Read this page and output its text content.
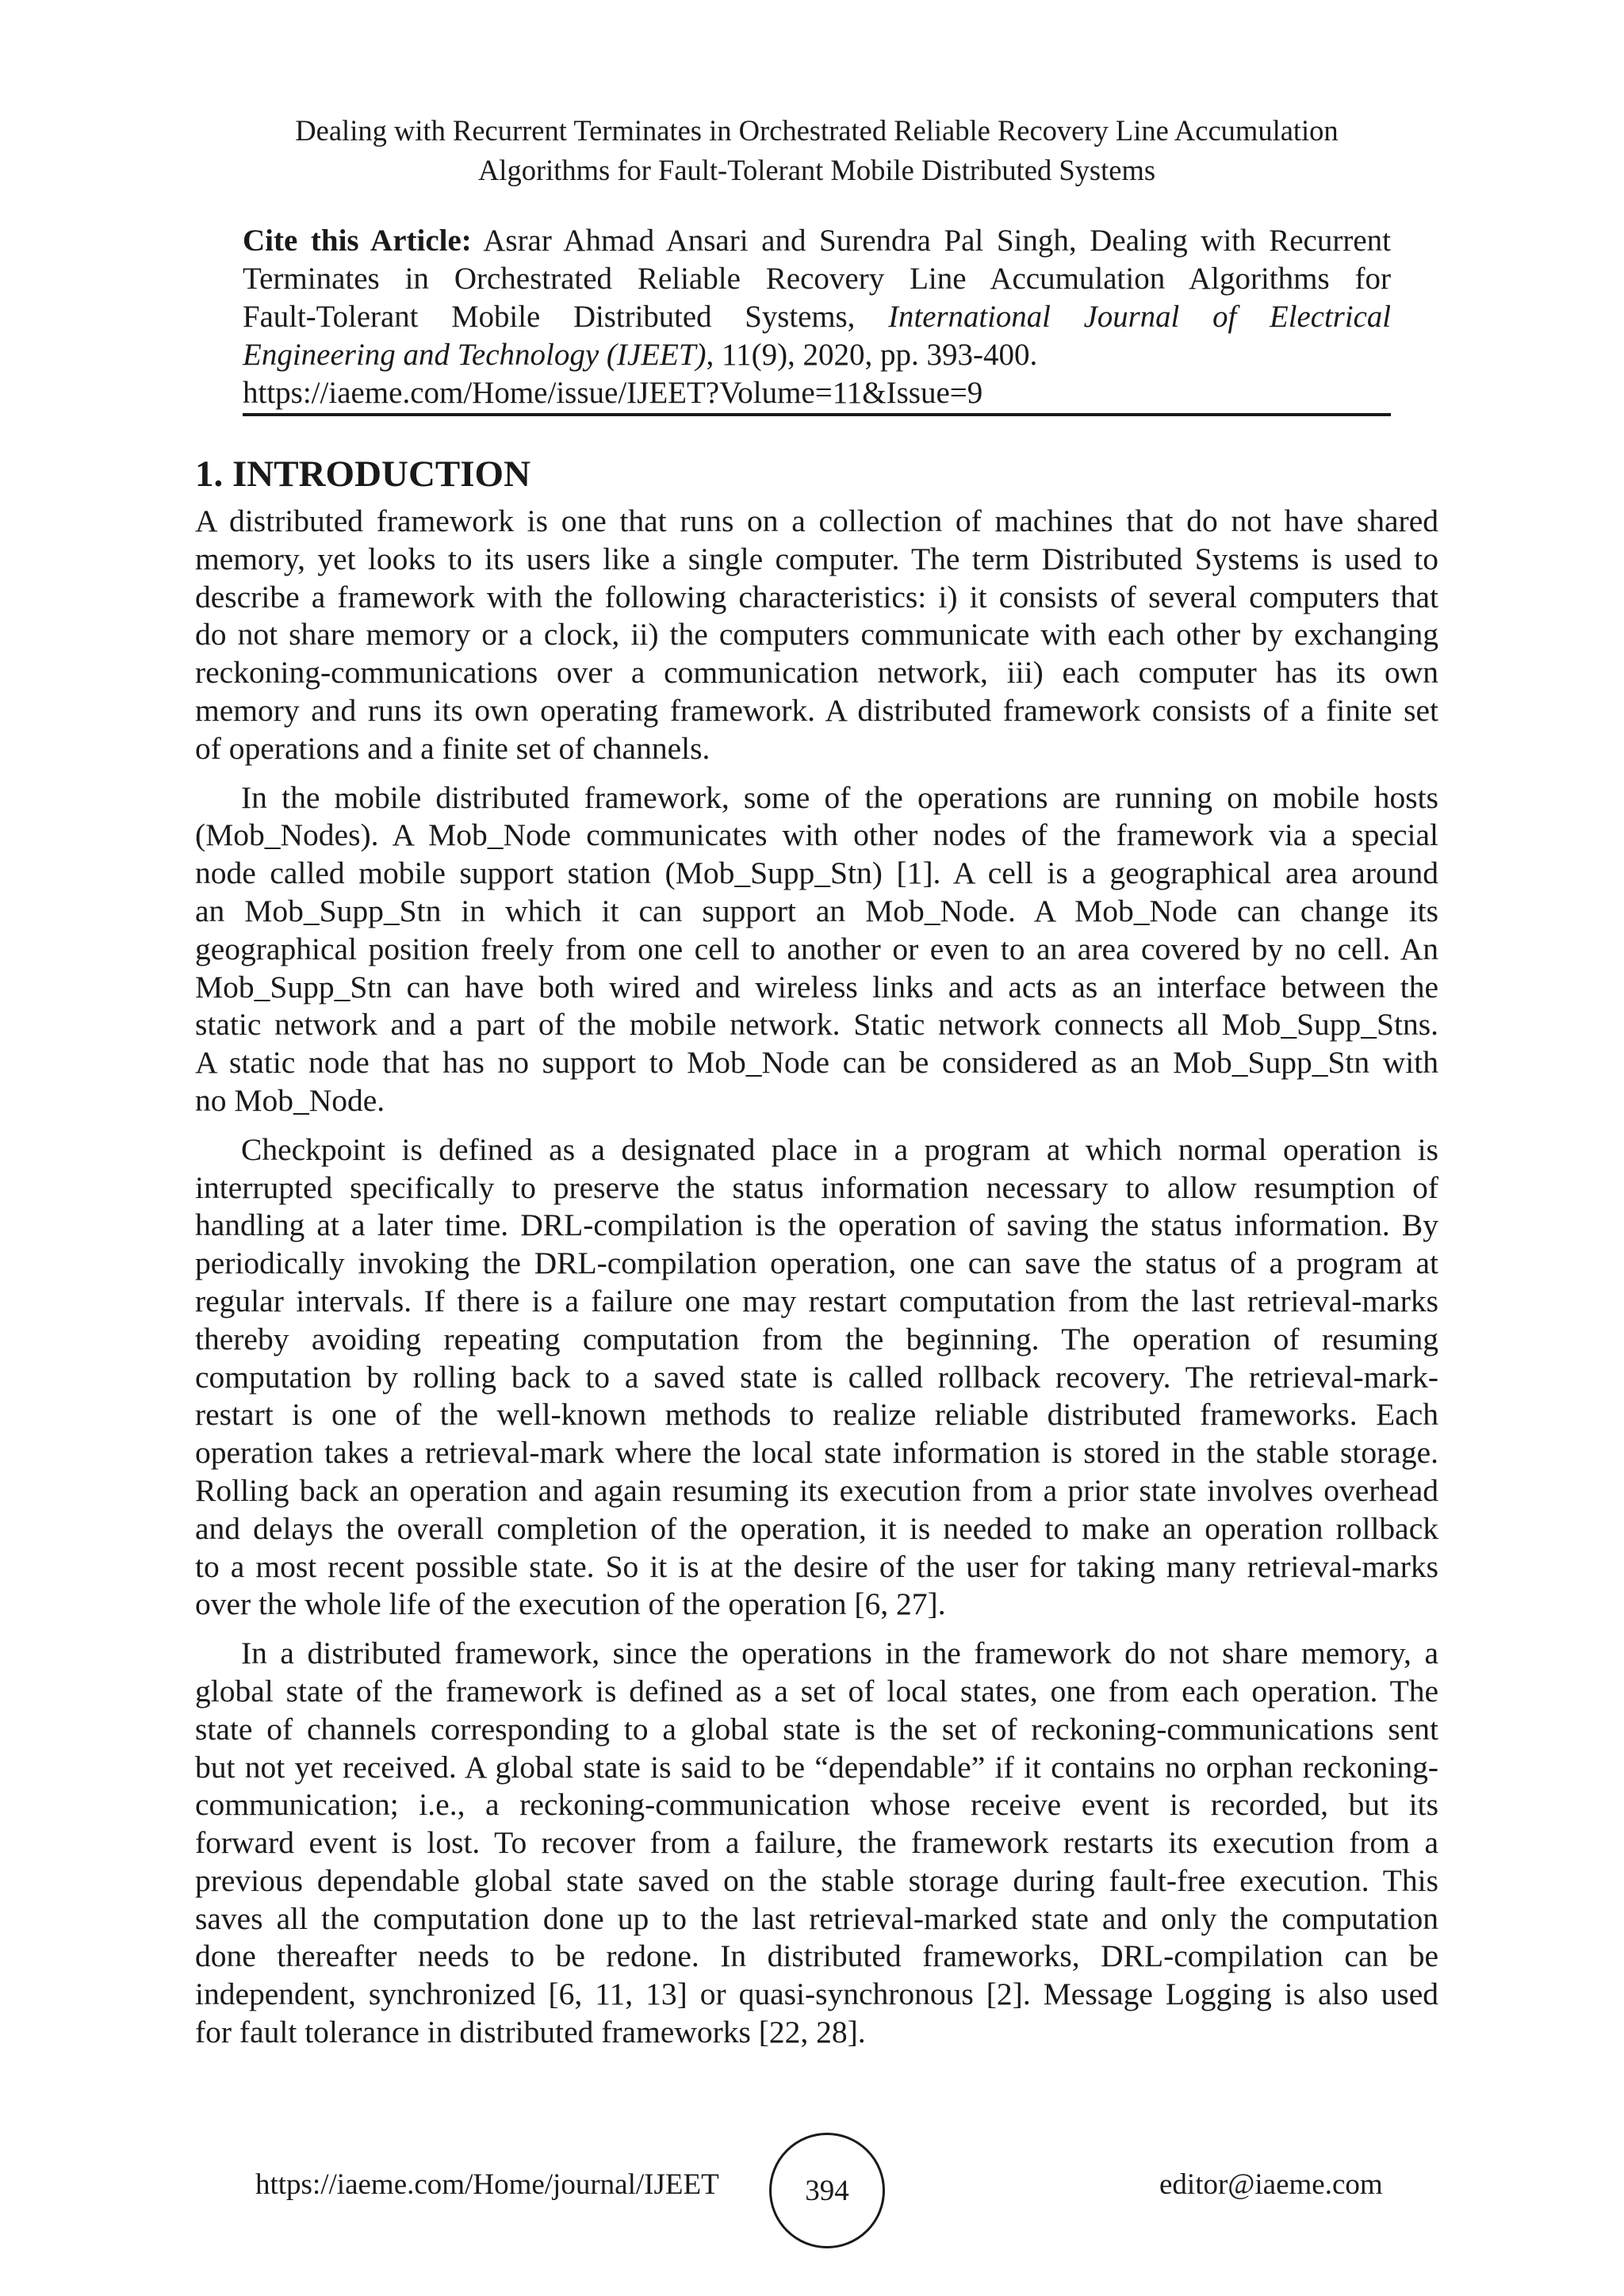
Dealing with Recurrent Terminates in Orchestrated Reliable Recovery Line Accumulation
Algorithms for Fault-Tolerant Mobile Distributed Systems
Cite this Article: Asrar Ahmad Ansari and Surendra Pal Singh, Dealing with Recurrent
Terminates in Orchestrated Reliable Recovery Line Accumulation Algorithms for
Fault-Tolerant Mobile Distributed Systems, International Journal of Electrical
Engineering and Technology (IJEET), 11(9), 2020, pp. 393-400.
https://iaeme.com/Home/issue/IJEET?Volume=11&Issue=9
1. INTRODUCTION
A distributed framework is one that runs on a collection of machines that do not have shared
memory, yet looks to its users like a single computer. The term Distributed Systems is used to
describe a framework with the following characteristics: i) it consists of several computers that
do not share memory or a clock, ii) the computers communicate with each other by exchanging
reckoning-communications over a communication network, iii) each computer has its own
memory and runs its own operating framework. A distributed framework consists of a finite set
of operations and a finite set of channels.
In the mobile distributed framework, some of the operations are running on mobile hosts
(Mob_Nodes). A Mob_Node communicates with other nodes of the framework via a special
node called mobile support station (Mob_Supp_Stn) [1]. A cell is a geographical area around
an Mob_Supp_Stn in which it can support an Mob_Node. A Mob_Node can change its
geographical position freely from one cell to another or even to an area covered by no cell. An
Mob_Supp_Stn can have both wired and wireless links and acts as an interface between the
static network and a part of the mobile network. Static network connects all Mob_Supp_Stns.
A static node that has no support to Mob_Node can be considered as an Mob_Supp_Stn with
no Mob_Node.
Checkpoint is defined as a designated place in a program at which normal operation is
interrupted specifically to preserve the status information necessary to allow resumption of
handling at a later time. DRL-compilation is the operation of saving the status information. By
periodically invoking the DRL-compilation operation, one can save the status of a program at
regular intervals. If there is a failure one may restart computation from the last retrieval-marks
thereby avoiding repeating computation from the beginning. The operation of resuming
computation by rolling back to a saved state is called rollback recovery. The retrieval-mark-
restart is one of the well-known methods to realize reliable distributed frameworks. Each
operation takes a retrieval-mark where the local state information is stored in the stable storage.
Rolling back an operation and again resuming its execution from a prior state involves overhead
and delays the overall completion of the operation, it is needed to make an operation rollback
to a most recent possible state. So it is at the desire of the user for taking many retrieval-marks
over the whole life of the execution of the operation [6, 27].
In a distributed framework, since the operations in the framework do not share memory, a
global state of the framework is defined as a set of local states, one from each operation. The
state of channels corresponding to a global state is the set of reckoning-communications sent
but not yet received. A global state is said to be “dependable” if it contains no orphan reckoning-
communication; i.e., a reckoning-communication whose receive event is recorded, but its
forward event is lost. To recover from a failure, the framework restarts its execution from a
previous dependable global state saved on the stable storage during fault-free execution. This
saves all the computation done up to the last retrieval-marked state and only the computation
done thereafter needs to be redone. In distributed frameworks, DRL-compilation can be
independent, synchronized [6, 11, 13] or quasi-synchronous [2]. Message Logging is also used
for fault tolerance in distributed frameworks [22, 28].
https://iaeme.com/Home/journal/IJEET	394	editor@iaeme.com
